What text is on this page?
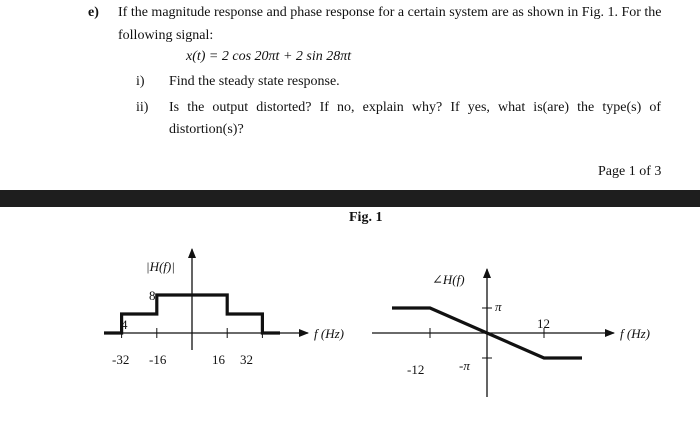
e) If the magnitude response and phase response for a certain system are as shown in Fig. 1. For the
following signal:
x(t) = 2 cos 20πt + 2 sin 28πt
i) Find the steady state response.
ii) Is the output distorted? If no, explain why? If yes, what is(are) the type(s) of
distortion(s)?
Page 1 of 3
|H(f)|
f (Hz)
8
4
-32 -16	16 32
∠H(f)
f (Hz)
π
-π
-12
12
Fig. 1
